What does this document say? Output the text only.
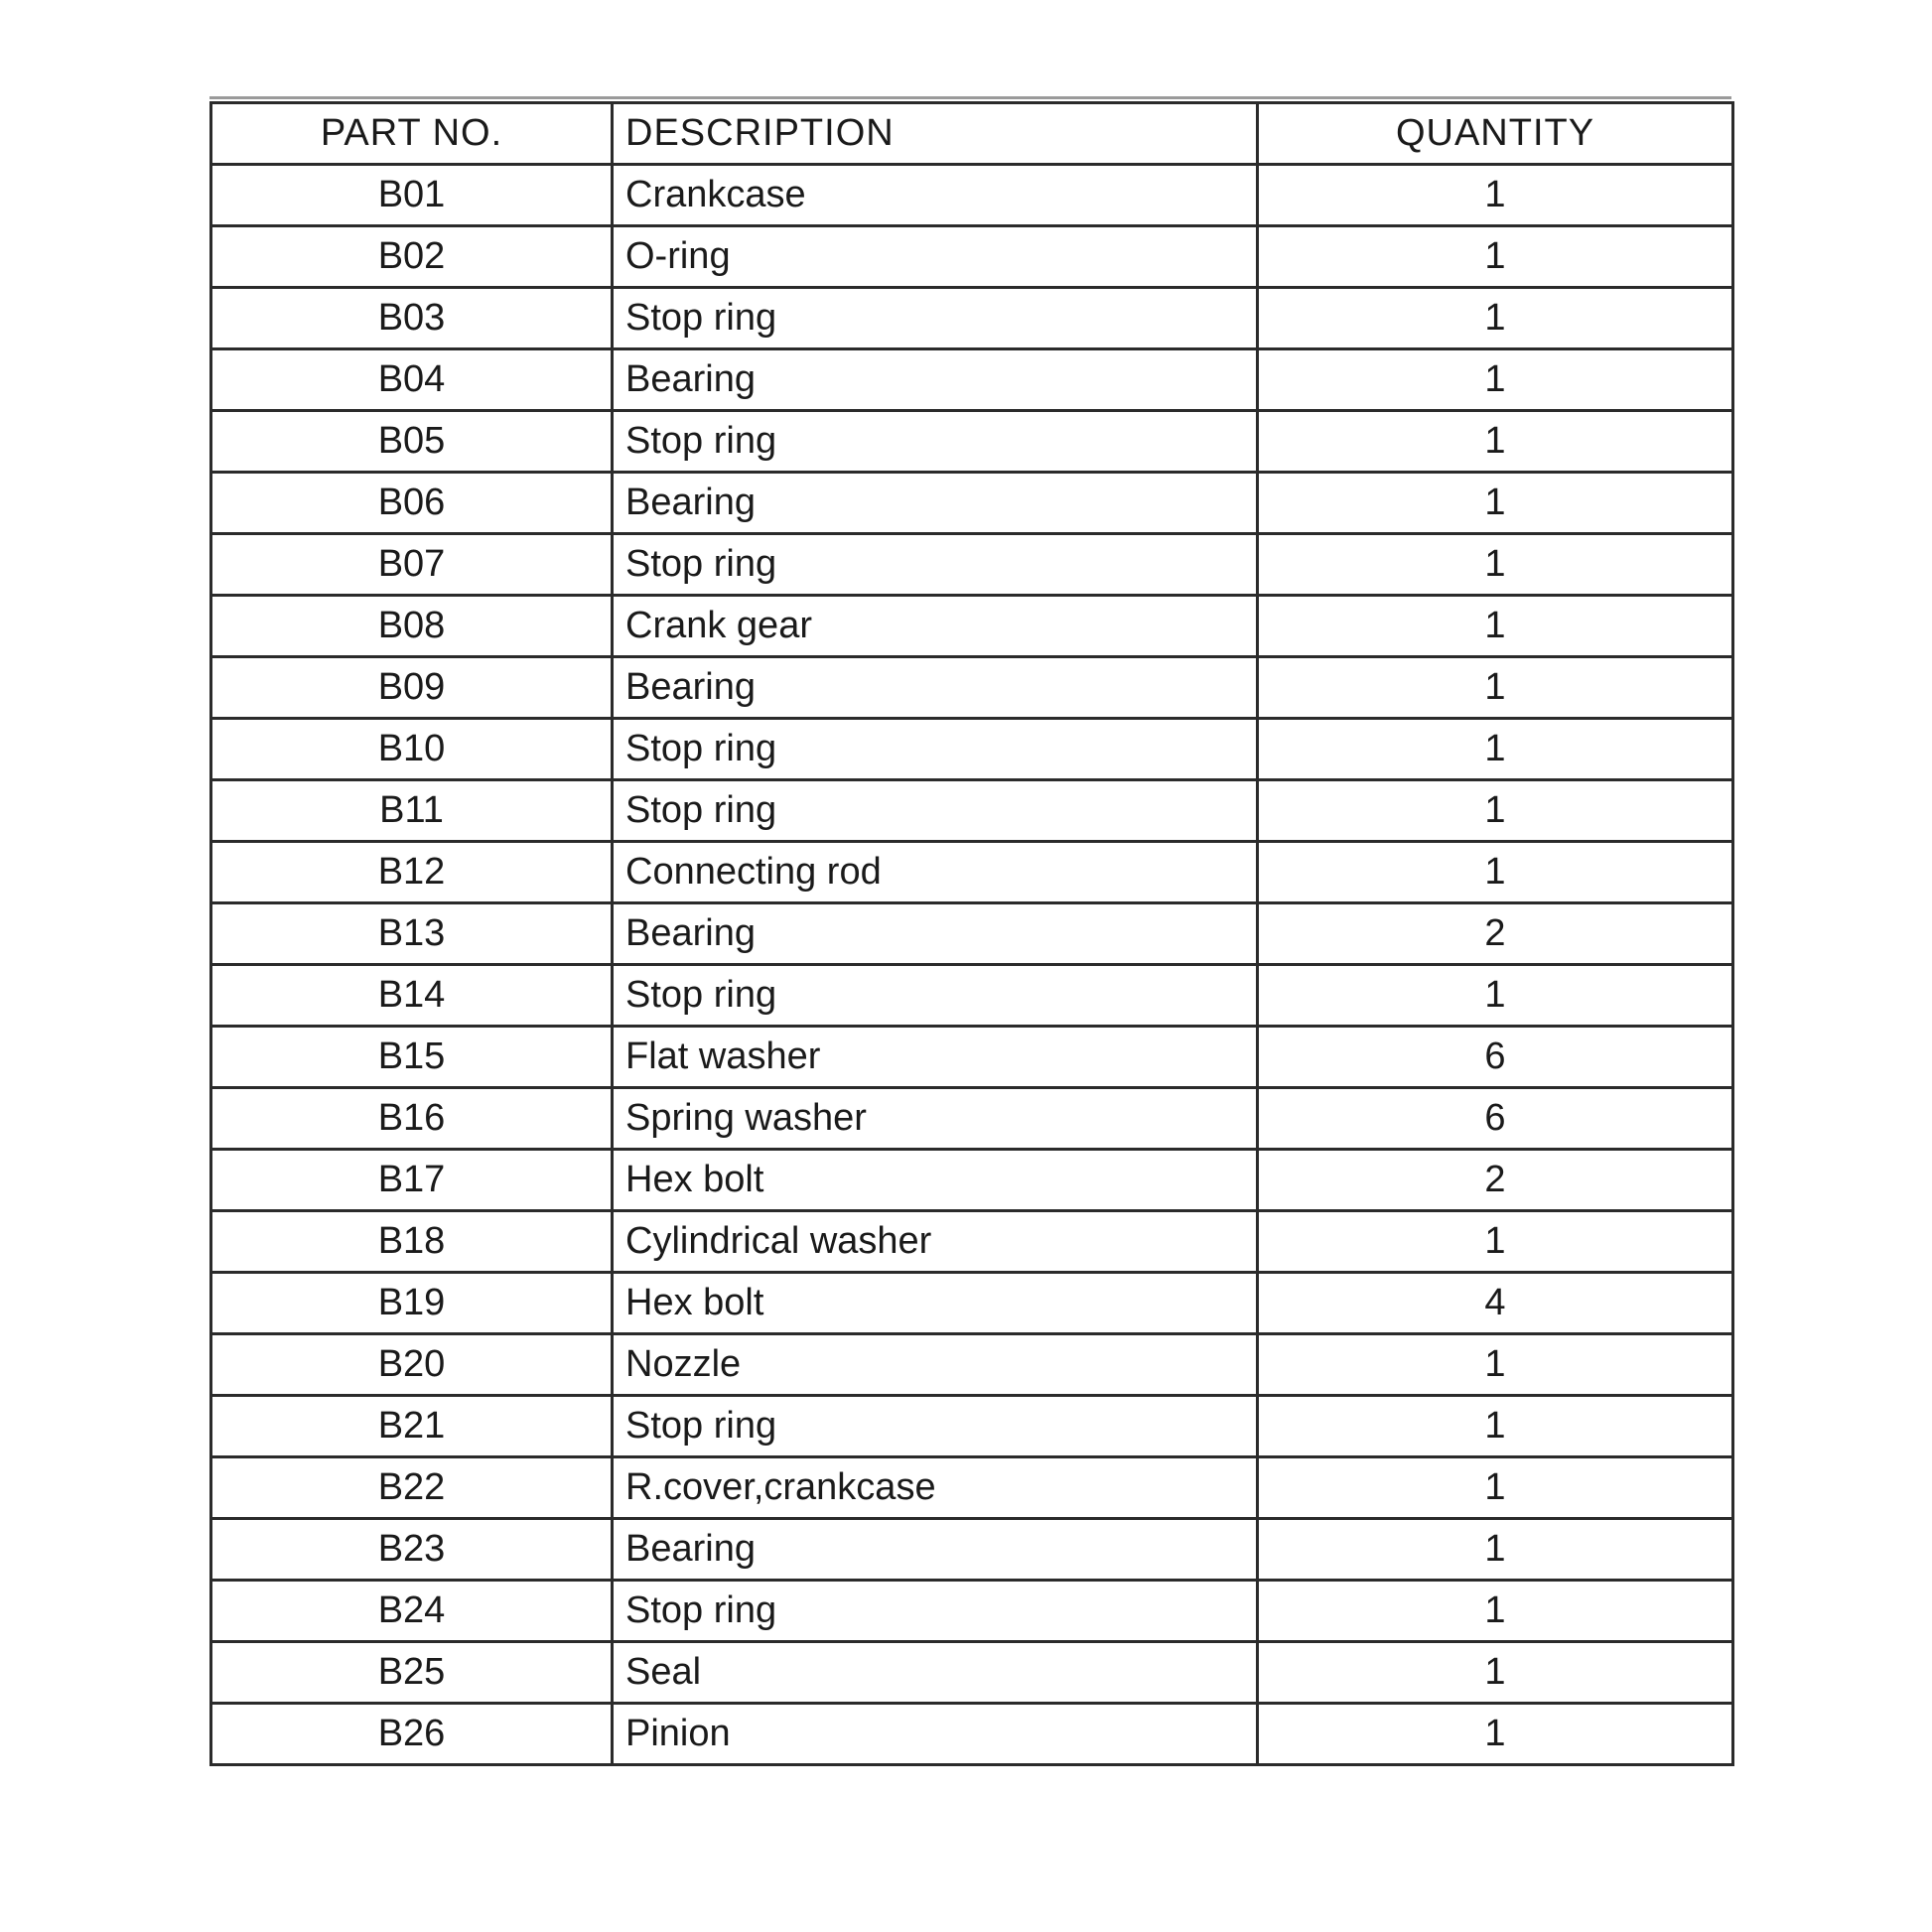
PART NO.	DESCRIPTION	QUANTITY
B01	Crankcase	1
B02	O-ring	1
B03	Stop ring	1
B04	Bearing	1
B05	Stop ring	1
B06	Bearing	1
B07	Stop ring	1
B08	Crank gear	1
B09	Bearing	1
B10	Stop ring	1
B11	Stop ring	1
B12	Connecting rod	1
B13	Bearing	2
B14	Stop ring	1
B15	Flat washer	6
B16	Spring washer	6
B17	Hex bolt	2
B18	Cylindrical washer	1
B19	Hex bolt	4
B20	Nozzle	1
B21	Stop ring	1
B22	R.cover,crankcase	1
B23	Bearing	1
B24	Stop ring	1
B25	Seal	1
B26	Pinion	1
